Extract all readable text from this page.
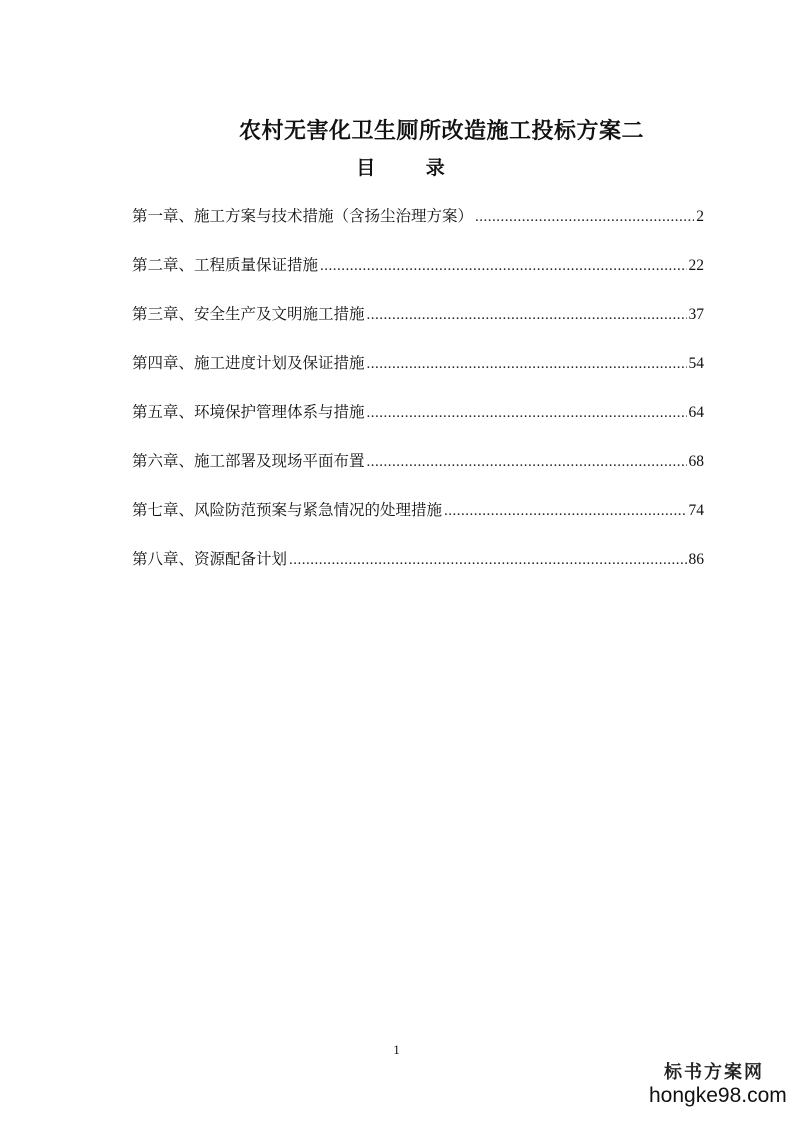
农村无害化卫生厕所改造施工投标方案二
目 录
第一章、施工方案与技术措施（含扬尘治理方案） .....	2
第二章、工程质量保证措施 .....	22
第三章、安全生产及文明施工措施 .....	37
第四章、施工进度计划及保证措施 .....	54
第五章、环境保护管理体系与措施 .....	64
第六章、施工部署及现场平面布置 .....	68
第七章、风险防范预案与紧急情况的处理措施 .....	74
第八章、资源配备计划 .....	86
1
标书方案网
hongke98.com
